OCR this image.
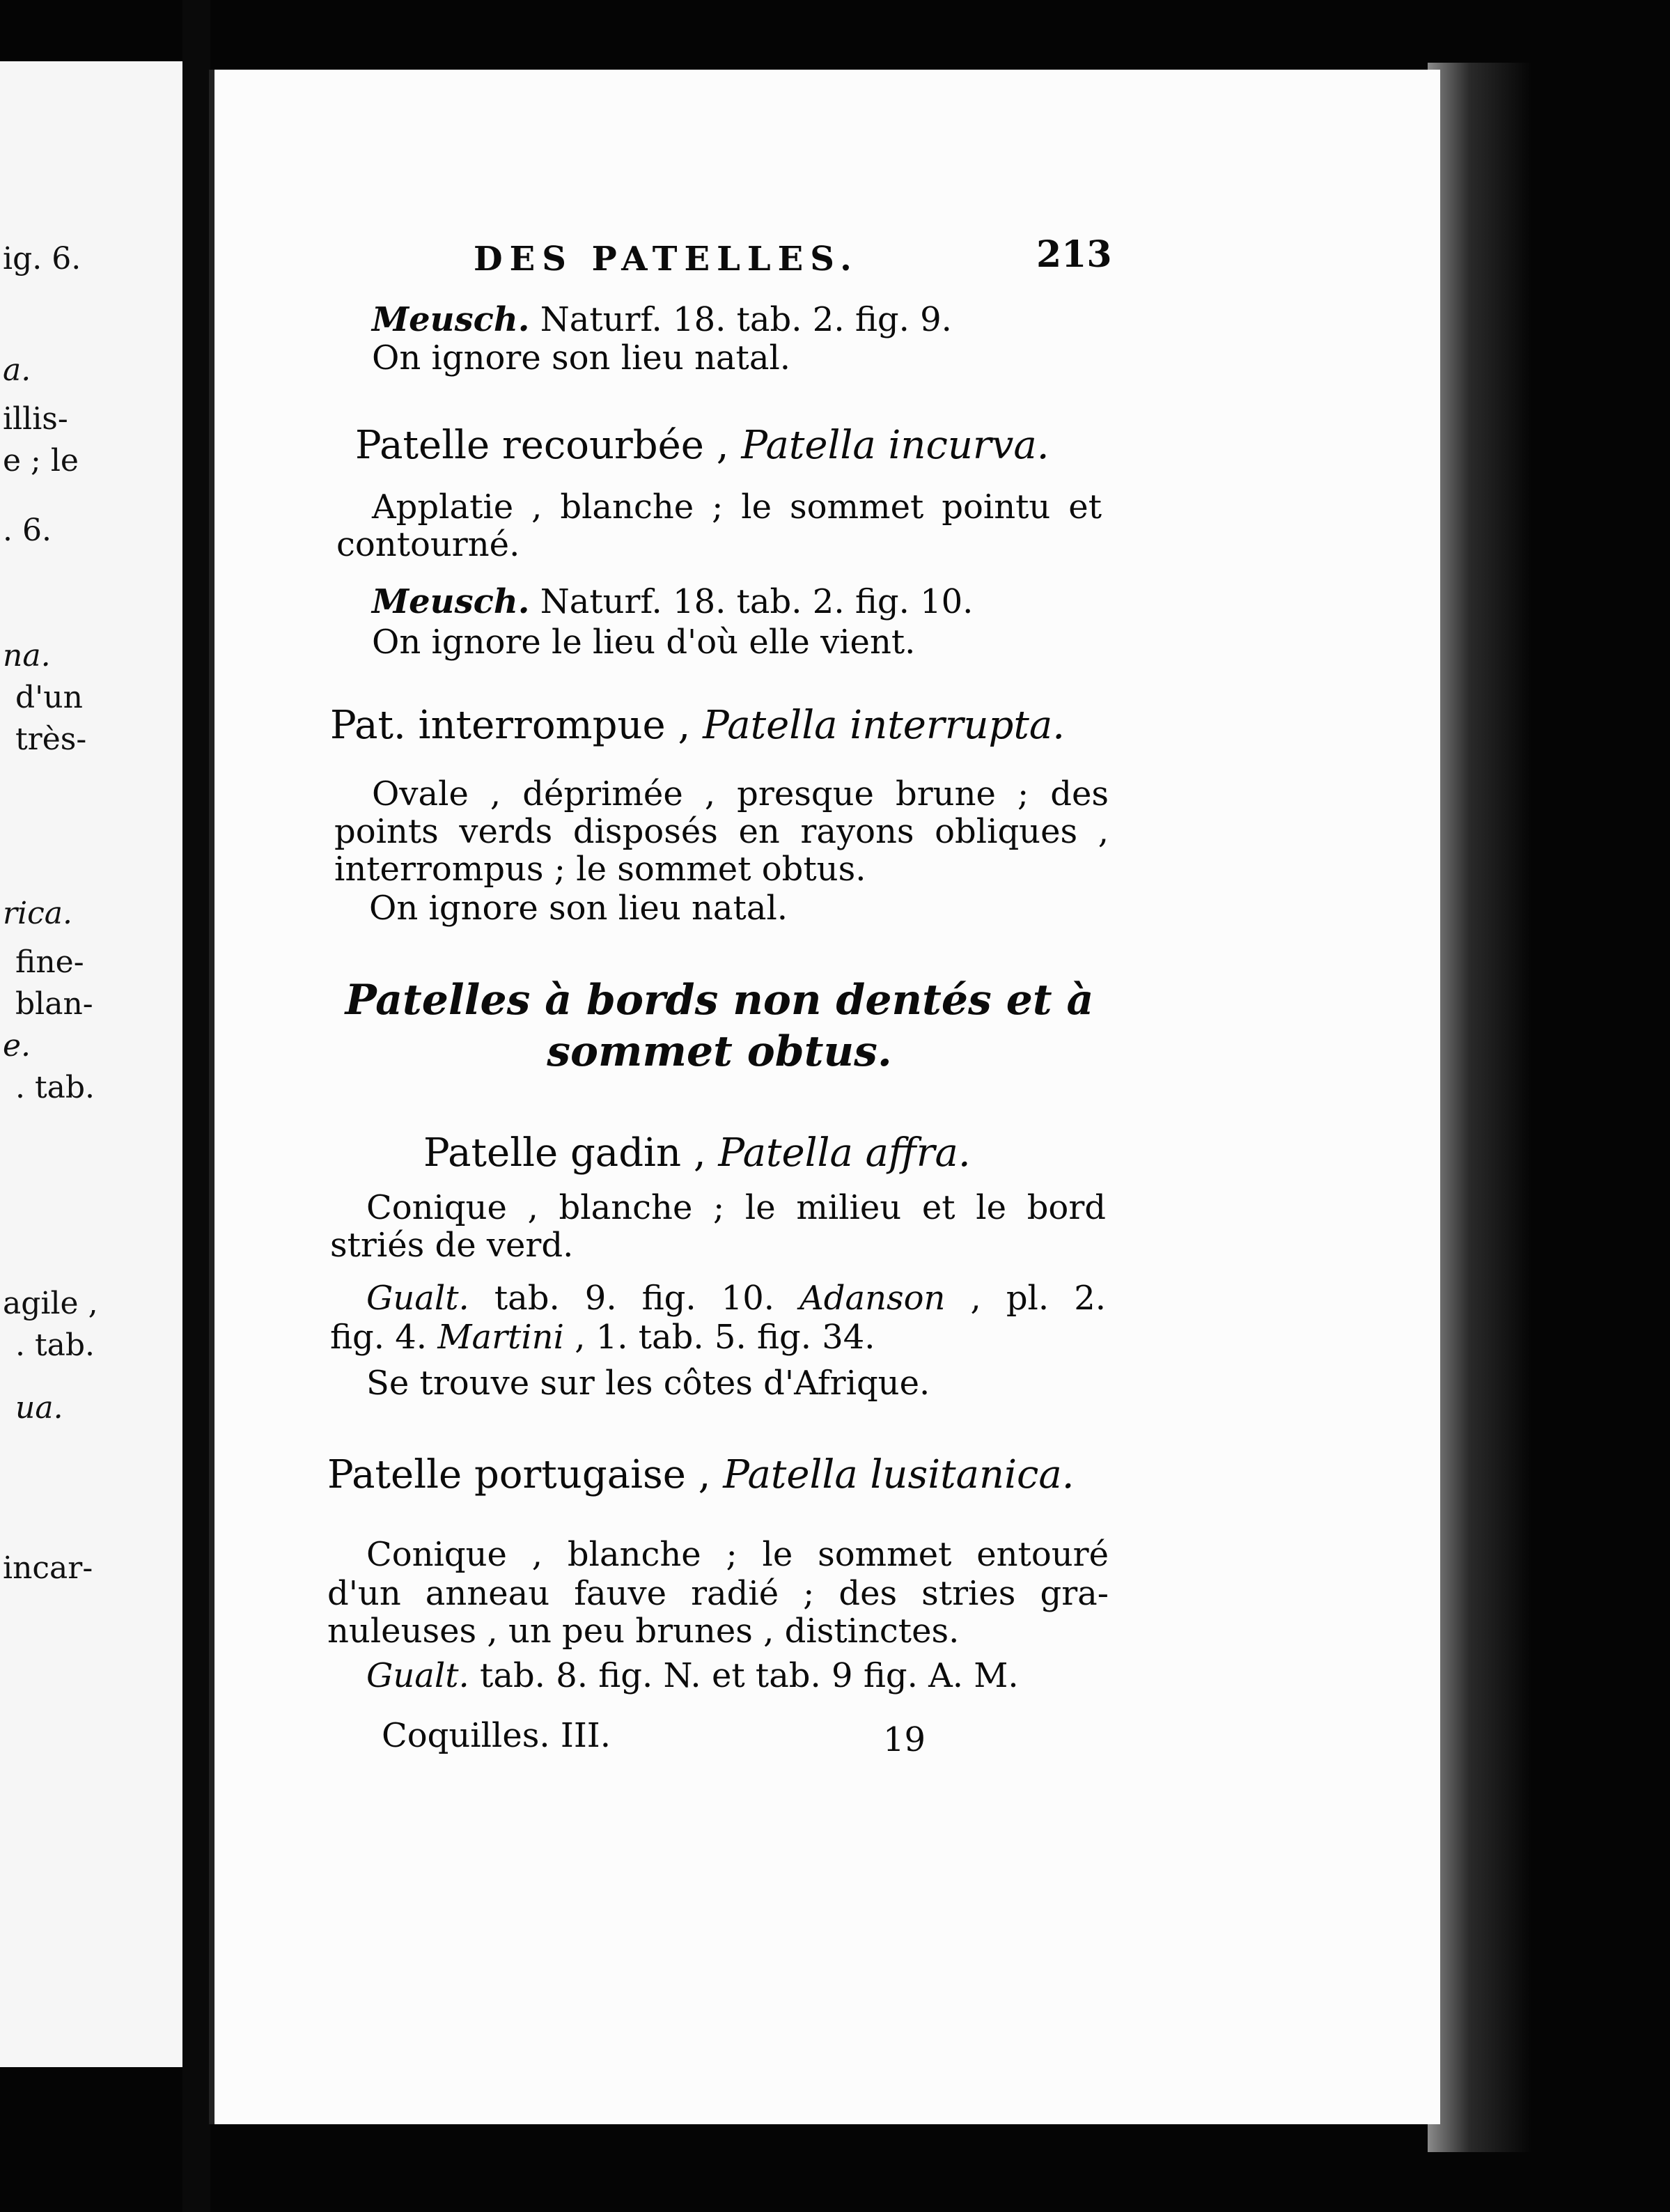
ig. 6.
a.
illis-
e ; le
. 6.
na.
d'un
très-
rica.
fine-
blan-
e.
. tab.
agile ,
. tab.
ua.
incar-
DES PATELLES.	213
Meusch. Naturf. 18. tab. 2. fig. 9.
On ignore son lieu natal.
Patelle recourbée , Patella incurva.
Applatie , blanche ; le sommet pointu et
contourné.
Meusch. Naturf. 18. tab. 2. fig. 10.
On ignore le lieu d'où elle vient.
Pat. interrompue , Patella interrupta.
Ovale , déprimée , presque brune ; des
points verds disposés en rayons obliques ,
interrompus ; le sommet obtus.
On ignore son lieu natal.
Patelles à bords non dentés et à
sommet obtus.
Patelle gadin , Patella affra.
Conique , blanche ; le milieu et le bord
striés de verd.
Gualt. tab. 9. fig. 10. Adanson , pl. 2.
fig. 4. Martini , 1. tab. 5. fig. 34.
Se trouve sur les côtes d'Afrique.
Patelle portugaise , Patella lusitanica.
Conique , blanche ; le sommet entouré
d'un anneau fauve radié ; des stries gra-
nuleuses , un peu brunes , distinctes.
Gualt. tab. 8. fig. N. et tab. 9 fig. A. M.
Coquilles. III.	19
